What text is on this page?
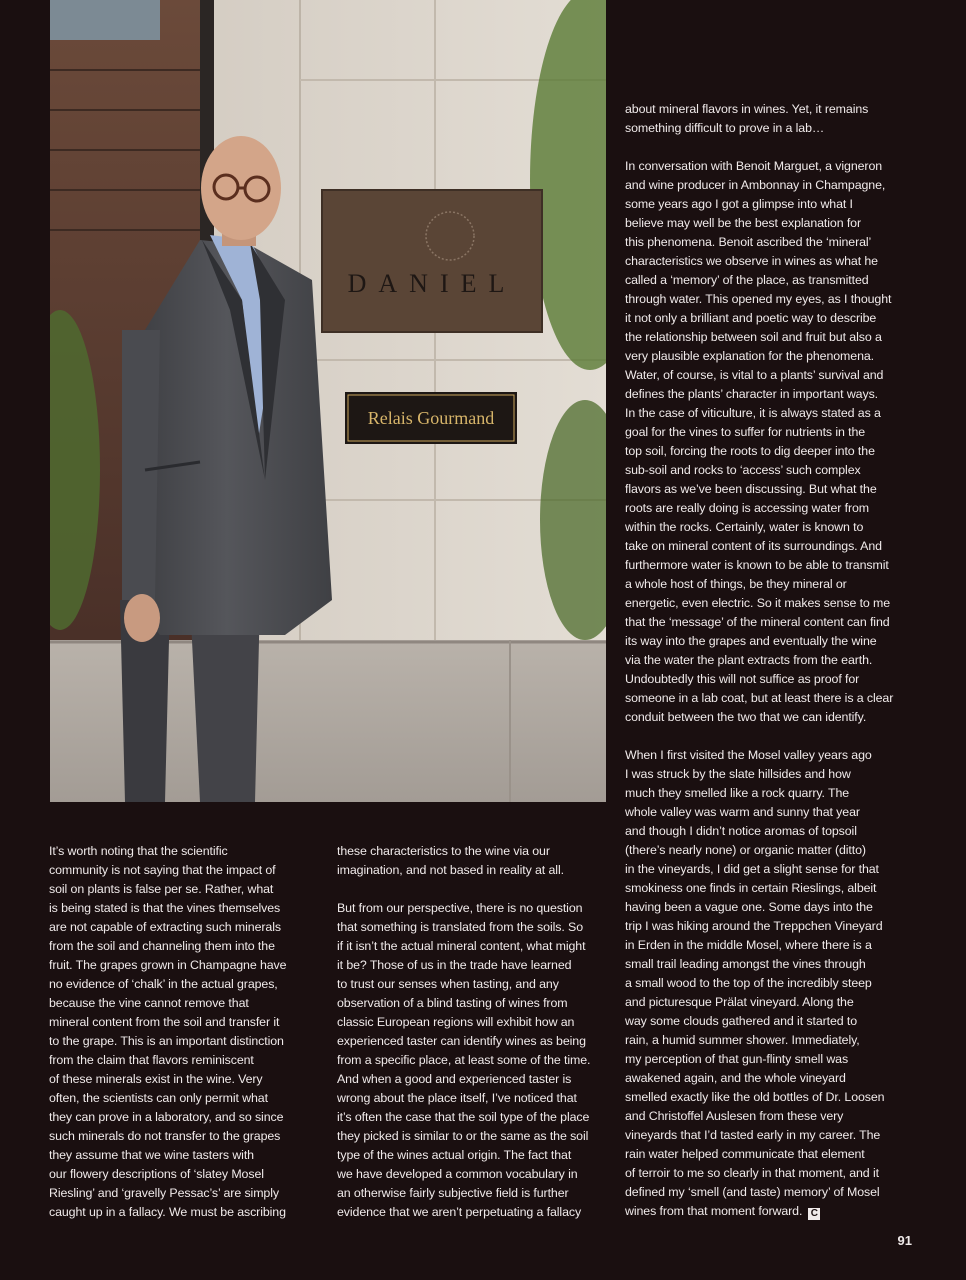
DANIEL
Relais Gourmand

about mineral flavors in wines. Yet, it remains
something difficult to prove in a lab…

In conversation with Benoit Marguet, a vigneron
and wine producer in Ambonnay in Champagne,
some years ago I got a glimpse into what I
believe may well be the best explanation for
this phenomena. Benoit ascribed the ‘mineral’
characteristics we observe in wines as what he
called a ‘memory’ of the place, as transmitted
through water. This opened my eyes, as I thought
it not only a brilliant and poetic way to describe
the relationship between soil and fruit but also a
very plausible explanation for the phenomena.
Water, of course, is vital to a plants’ survival and
defines the plants’ character in important ways.
In the case of viticulture, it is always stated as a
goal for the vines to suffer for nutrients in the
top soil, forcing the roots to dig deeper into the
sub-soil and rocks to ‘access’ such complex
flavors as we’ve been discussing. But what the
roots are really doing is accessing water from
within the rocks. Certainly, water is known to
take on mineral content of its surroundings. And
furthermore water is known to be able to transmit
a whole host of things, be they mineral or
energetic, even electric. So it makes sense to me
that the ‘message’ of the mineral content can find
its way into the grapes and eventually the wine
via the water the plant extracts from the earth.
Undoubtedly this will not suffice as proof for
someone in a lab coat, but at least there is a clear
conduit between the two that we can identify.

When I first visited the Mosel valley years ago
I was struck by the slate hillsides and how
much they smelled like a rock quarry. The
whole valley was warm and sunny that year
and though I didn’t notice aromas of topsoil
(there’s nearly none) or organic matter (ditto)
in the vineyards, I did get a slight sense for that
smokiness one finds in certain Rieslings, albeit
having been a vague one. Some days into the
trip I was hiking around the Treppchen Vineyard
in Erden in the middle Mosel, where there is a
small trail leading amongst the vines through
a small wood to the top of the incredibly steep
and picturesque Prälat vineyard. Along the
way some clouds gathered and it started to
rain, a humid summer shower. Immediately,
my perception of that gun-flinty smell was
awakened again, and the whole vineyard
smelled exactly like the old bottles of Dr. Loosen
and Christoffel Auslesen from these very
vineyards that I’d tasted early in my career. The
rain water helped communicate that element
of terroir to me so clearly in that moment, and it
defined my ‘smell (and taste) memory’ of Mosel
wines from that moment forward. C

It’s worth noting that the scientific
community is not saying that the impact of
soil on plants is false per se. Rather, what
is being stated is that the vines themselves
are not capable of extracting such minerals
from the soil and channeling them into the
fruit. The grapes grown in Champagne have
no evidence of ‘chalk’ in the actual grapes,
because the vine cannot remove that
mineral content from the soil and transfer it
to the grape. This is an important distinction
from the claim that flavors reminiscent
of these minerals exist in the wine. Very
often, the scientists can only permit what
they can prove in a laboratory, and so since
such minerals do not transfer to the grapes
they assume that we wine tasters with
our flowery descriptions of ‘slatey Mosel
Riesling’ and ‘gravelly Pessac’s’ are simply
caught up in a fallacy. We must be ascribing

these characteristics to the wine via our
imagination, and not based in reality at all.

But from our perspective, there is no question
that something is translated from the soils. So
if it isn’t the actual mineral content, what might
it be? Those of us in the trade have learned
to trust our senses when tasting, and any
observation of a blind tasting of wines from
classic European regions will exhibit how an
experienced taster can identify wines as being
from a specific place, at least some of the time.
And when a good and experienced taster is
wrong about the place itself, I’ve noticed that
it’s often the case that the soil type of the place
they picked is similar to or the same as the soil
type of the wines actual origin. The fact that
we have developed a common vocabulary in
an otherwise fairly subjective field is further
evidence that we aren’t perpetuating a fallacy

91
